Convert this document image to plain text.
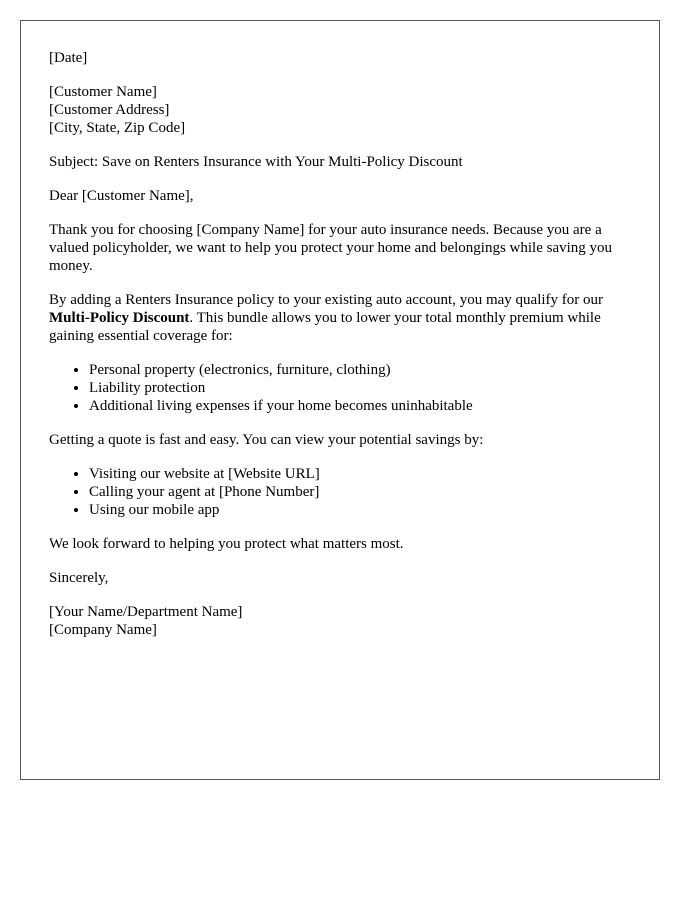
[Date]
[Customer Name]
[Customer Address]
[City, State, Zip Code]
Subject: Save on Renters Insurance with Your Multi-Policy Discount
Dear [Customer Name],
Thank you for choosing [Company Name] for your auto insurance needs. Because you are a valued policyholder, we want to help you protect your home and belongings while saving you money.
By adding a Renters Insurance policy to your existing auto account, you may qualify for our Multi-Policy Discount. This bundle allows you to lower your total monthly premium while gaining essential coverage for:
• Personal property (electronics, furniture, clothing)
• Liability protection
• Additional living expenses if your home becomes uninhabitable
Getting a quote is fast and easy. You can view your potential savings by:
• Visiting our website at [Website URL]
• Calling your agent at [Phone Number]
• Using our mobile app
We look forward to helping you protect what matters most.
Sincerely,
[Your Name/Department Name]
[Company Name]
